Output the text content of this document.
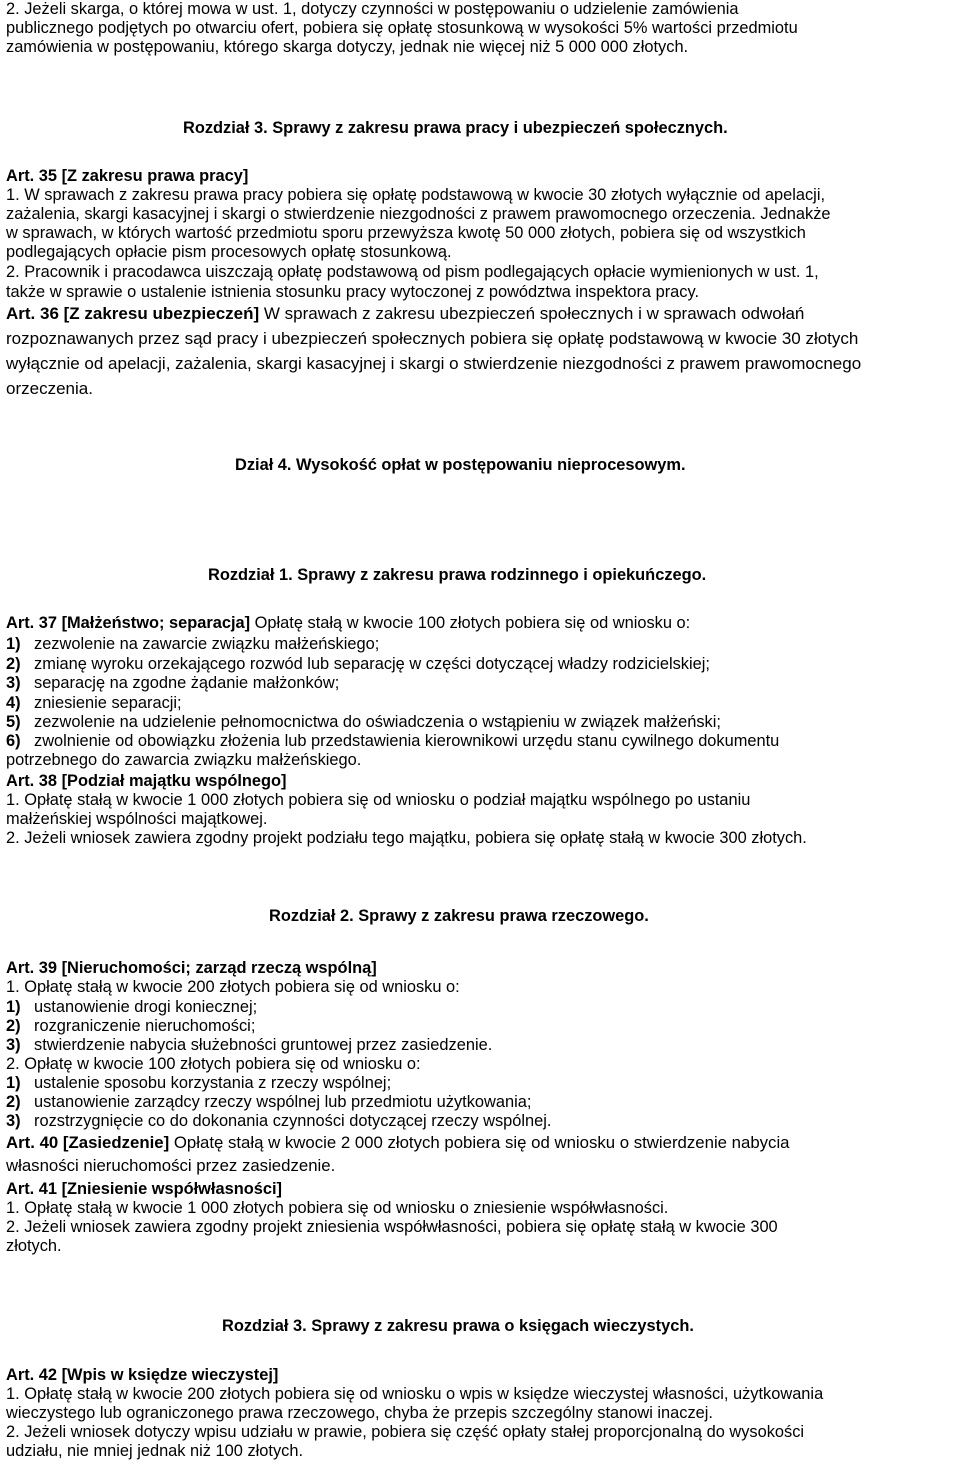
2. Jeżeli skarga, o której mowa w ust. 1, dotyczy czynności w postępowaniu o udzielenie zamówienia
publicznego podjętych po otwarciu ofert, pobiera się opłatę stosunkową w wysokości 5% wartości przedmiotu
zamówienia w postępowaniu, którego skarga dotyczy, jednak nie więcej niż 5 000 000 złotych.
Rozdział 3. Sprawy z zakresu prawa pracy i ubezpieczeń społecznych.
Art. 35 [Z zakresu prawa pracy]
1. W sprawach z zakresu prawa pracy pobiera się opłatę podstawową w kwocie 30 złotych wyłącznie od apelacji,
zażalenia, skargi kasacyjnej i skargi o stwierdzenie niezgodności z prawem prawomocnego orzeczenia. Jednakże
w sprawach, w których wartość przedmiotu sporu przewyższa kwotę 50 000 złotych, pobiera się od wszystkich
podlegających opłacie pism procesowych opłatę stosunkową.
2. Pracownik i pracodawca uiszczają opłatę podstawową od pism podlegających opłacie wymienionych w ust. 1,
także w sprawie o ustalenie istnienia stosunku pracy wytoczonej z powództwa inspektora pracy.
Art. 36 [Z zakresu ubezpieczeń] W sprawach z zakresu ubezpieczeń społecznych i w sprawach odwołań
rozpoznawanych przez sąd pracy i ubezpieczeń społecznych pobiera się opłatę podstawową w kwocie 30 złotych
wyłącznie od apelacji, zażalenia, skargi kasacyjnej i skargi o stwierdzenie niezgodności z prawem prawomocnego
orzeczenia.
Dział 4. Wysokość opłat w postępowaniu nieprocesowym.
Rozdział 1. Sprawy z zakresu prawa rodzinnego i opiekuńczego.
Art. 37 [Małżeństwo; separacja] Opłatę stałą w kwocie 100 złotych pobiera się od wniosku o:
1) zezwolenie na zawarcie związku małżeńskiego;
2) zmianę wyroku orzekającego rozwód lub separację w części dotyczącej władzy rodzicielskiej;
3) separację na zgodne żądanie małżonków;
4) zniesienie separacji;
5) zezwolenie na udzielenie pełnomocnictwa do oświadczenia o wstąpieniu w związek małżeński;
6) zwolnienie od obowiązku złożenia lub przedstawienia kierownikowi urzędu stanu cywilnego dokumentu
potrzebnego do zawarcia związku małżeńskiego.
Art. 38 [Podział majątku wspólnego]
1. Opłatę stałą w kwocie 1 000 złotych pobiera się od wniosku o podział majątku wspólnego po ustaniu
małżeńskiej wspólności majątkowej.
2. Jeżeli wniosek zawiera zgodny projekt podziału tego majątku, pobiera się opłatę stałą w kwocie 300 złotych.
Rozdział 2. Sprawy z zakresu prawa rzeczowego.
Art. 39 [Nieruchomości; zarząd rzeczą wspólną]
1. Opłatę stałą w kwocie 200 złotych pobiera się od wniosku o:
1) ustanowienie drogi koniecznej;
2) rozgraniczenie nieruchomości;
3) stwierdzenie nabycia służebności gruntowej przez zasiedzenie.
2. Opłatę w kwocie 100 złotych pobiera się od wniosku o:
1) ustalenie sposobu korzystania z rzeczy wspólnej;
2) ustanowienie zarządcy rzeczy wspólnej lub przedmiotu użytkowania;
3) rozstrzygnięcie co do dokonania czynności dotyczącej rzeczy wspólnej.
Art. 40 [Zasiedzenie] Opłatę stałą w kwocie 2 000 złotych pobiera się od wniosku o stwierdzenie nabycia
własności nieruchomości przez zasiedzenie.
Art. 41 [Zniesienie współwłasności]
1. Opłatę stałą w kwocie 1 000 złotych pobiera się od wniosku o zniesienie współwłasności.
2. Jeżeli wniosek zawiera zgodny projekt zniesienia współwłasności, pobiera się opłatę stałą w kwocie 300
złotych.
Rozdział 3. Sprawy z zakresu prawa o księgach wieczystych.
Art. 42 [Wpis w księdze wieczystej]
1. Opłatę stałą w kwocie 200 złotych pobiera się od wniosku o wpis w księdze wieczystej własności, użytkowania
wieczystego lub ograniczonego prawa rzeczowego, chyba że przepis szczególny stanowi inaczej.
2. Jeżeli wniosek dotyczy wpisu udziału w prawie, pobiera się część opłaty stałej proporcjonalną do wysokości
udziału, nie mniej jednak niż 100 złotych.
